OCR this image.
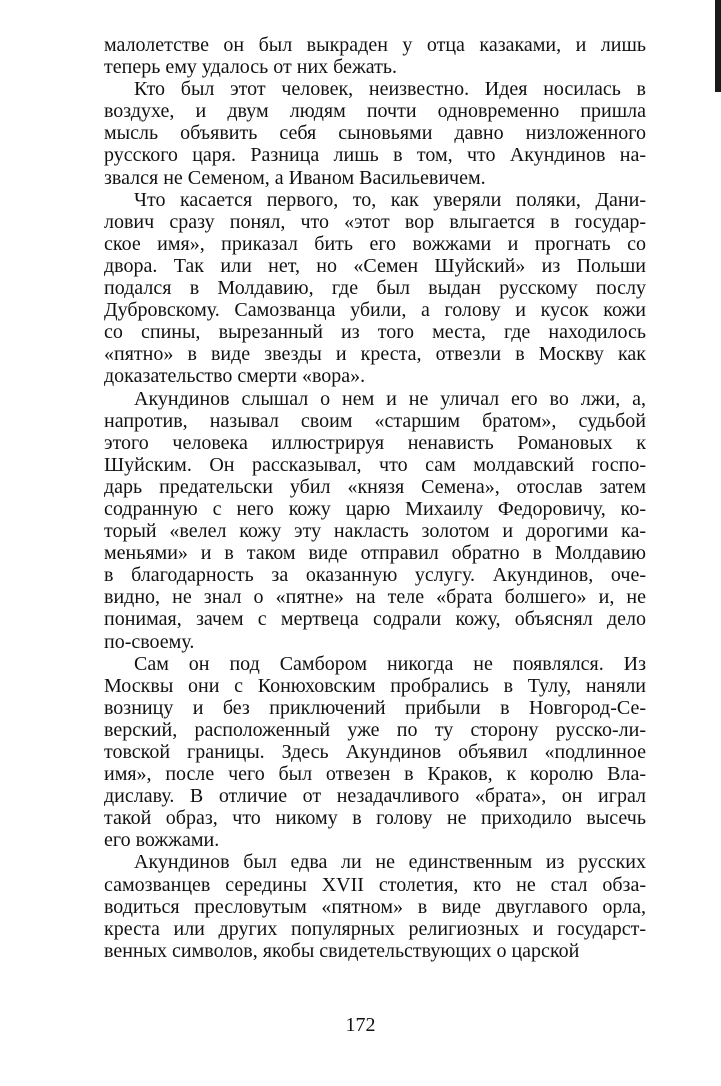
малолетстве он был выкраден у отца казаками, и лишь
теперь ему удалось от них бежать.
Кто был этот человек, неизвестно. Идея носилась в
воздухе, и двум людям почти одновременно пришла
мысль объявить себя сыновьями давно низложенного
русского царя. Разница лишь в том, что Акундинов на-
звался не Семеном, а Иваном Васильевичем.
Что касается первого, то, как уверяли поляки, Дани-
лович сразу понял, что «этот вор влыгается в государ-
ское имя», приказал бить его вожжами и прогнать со
двора. Так или нет, но «Семен Шуйский» из Польши
подался в Молдавию, где был выдан русскому послу
Дубровскому. Самозванца убили, а голову и кусок кожи
со спины, вырезанный из того места, где находилось
«пятно» в виде звезды и креста, отвезли в Москву как
доказательство смерти «вора».
Акундинов слышал о нем и не уличал его во лжи, а,
напротив, называл своим «старшим братом», судьбой
этого человека иллюстрируя ненависть Романовых к
Шуйским. Он рассказывал, что сам молдавский госпо-
дарь предательски убил «князя Семена», отослав затем
содранную с него кожу царю Михаилу Федоровичу, ко-
торый «велел кожу эту накласть золотом и дорогими ка-
меньями» и в таком виде отправил обратно в Молдавию
в благодарность за оказанную услугу. Акундинов, оче-
видно, не знал о «пятне» на теле «брата болшего» и, не
понимая, зачем с мертвеца содрали кожу, объяснял дело
по-своему.
Сам он под Самбором никогда не появлялся. Из
Москвы они с Конюховским пробрались в Тулу, наняли
возницу и без приключений прибыли в Новгород-Се-
верский, расположенный уже по ту сторону русско-ли-
товской границы. Здесь Акундинов объявил «подлинное
имя», после чего был отвезен в Краков, к королю Вла-
диславу. В отличие от незадачливого «брата», он играл
такой образ, что никому в голову не приходило высечь
его вожжами.
Акундинов был едва ли не единственным из русских
самозванцев середины XVII столетия, кто не стал обза-
водиться пресловутым «пятном» в виде двуглавого орла,
креста или других популярных религиозных и государст-
венных символов, якобы свидетельствующих о царской
172
